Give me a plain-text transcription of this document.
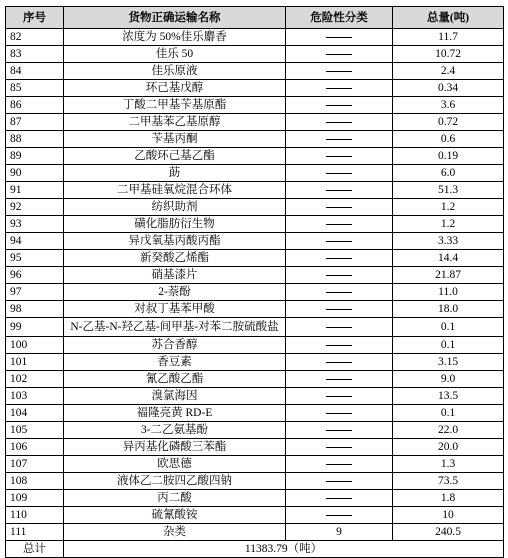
序号	货物正确运输名称	危险性分类	总量(吨)
82	浓度为 50%佳乐麝香		11.7
83	佳乐 50		10.72
84	佳乐原液		2.4
85	环己基戊醇		0.34
86	丁酸二甲基苄基原酯		3.6
87	二甲基苯乙基原醇		0.72
88	苄基丙酮		0.6
89	乙酸环己基乙酯		0.19
90	莇		6.0
91	二甲基硅氧烷混合环体		51.3
92	纺织助剂		1.2
93	磺化脂肪衍生物		1.2
94	异戊氧基丙酸丙酯		3.33
95	新癸酸乙烯酯		14.4
96	硝基漆片		21.87
97	2-萘酚		11.0
98	对叔丁基苯甲酸		18.0
99	N-乙基-N-羟乙基-间甲基-对苯二胺硫酸盐		0.1
100	苏合香醇		0.1
101	香豆素		3.15
102	氰乙酸乙酯		9.0
103	溴氯海因		13.5
104	福隆亮黄 RD-E		0.1
105	3-二乙氨基酚		22.0
106	异丙基化磷酸三苯酯		20.0
107	欧思德		1.3
108	液体乙二胺四乙酸四钠		73.5
109	丙二酸		1.8
110	硫氰酸铵		10
111	杂类	9	240.5
总计	11383.79（吨）		
